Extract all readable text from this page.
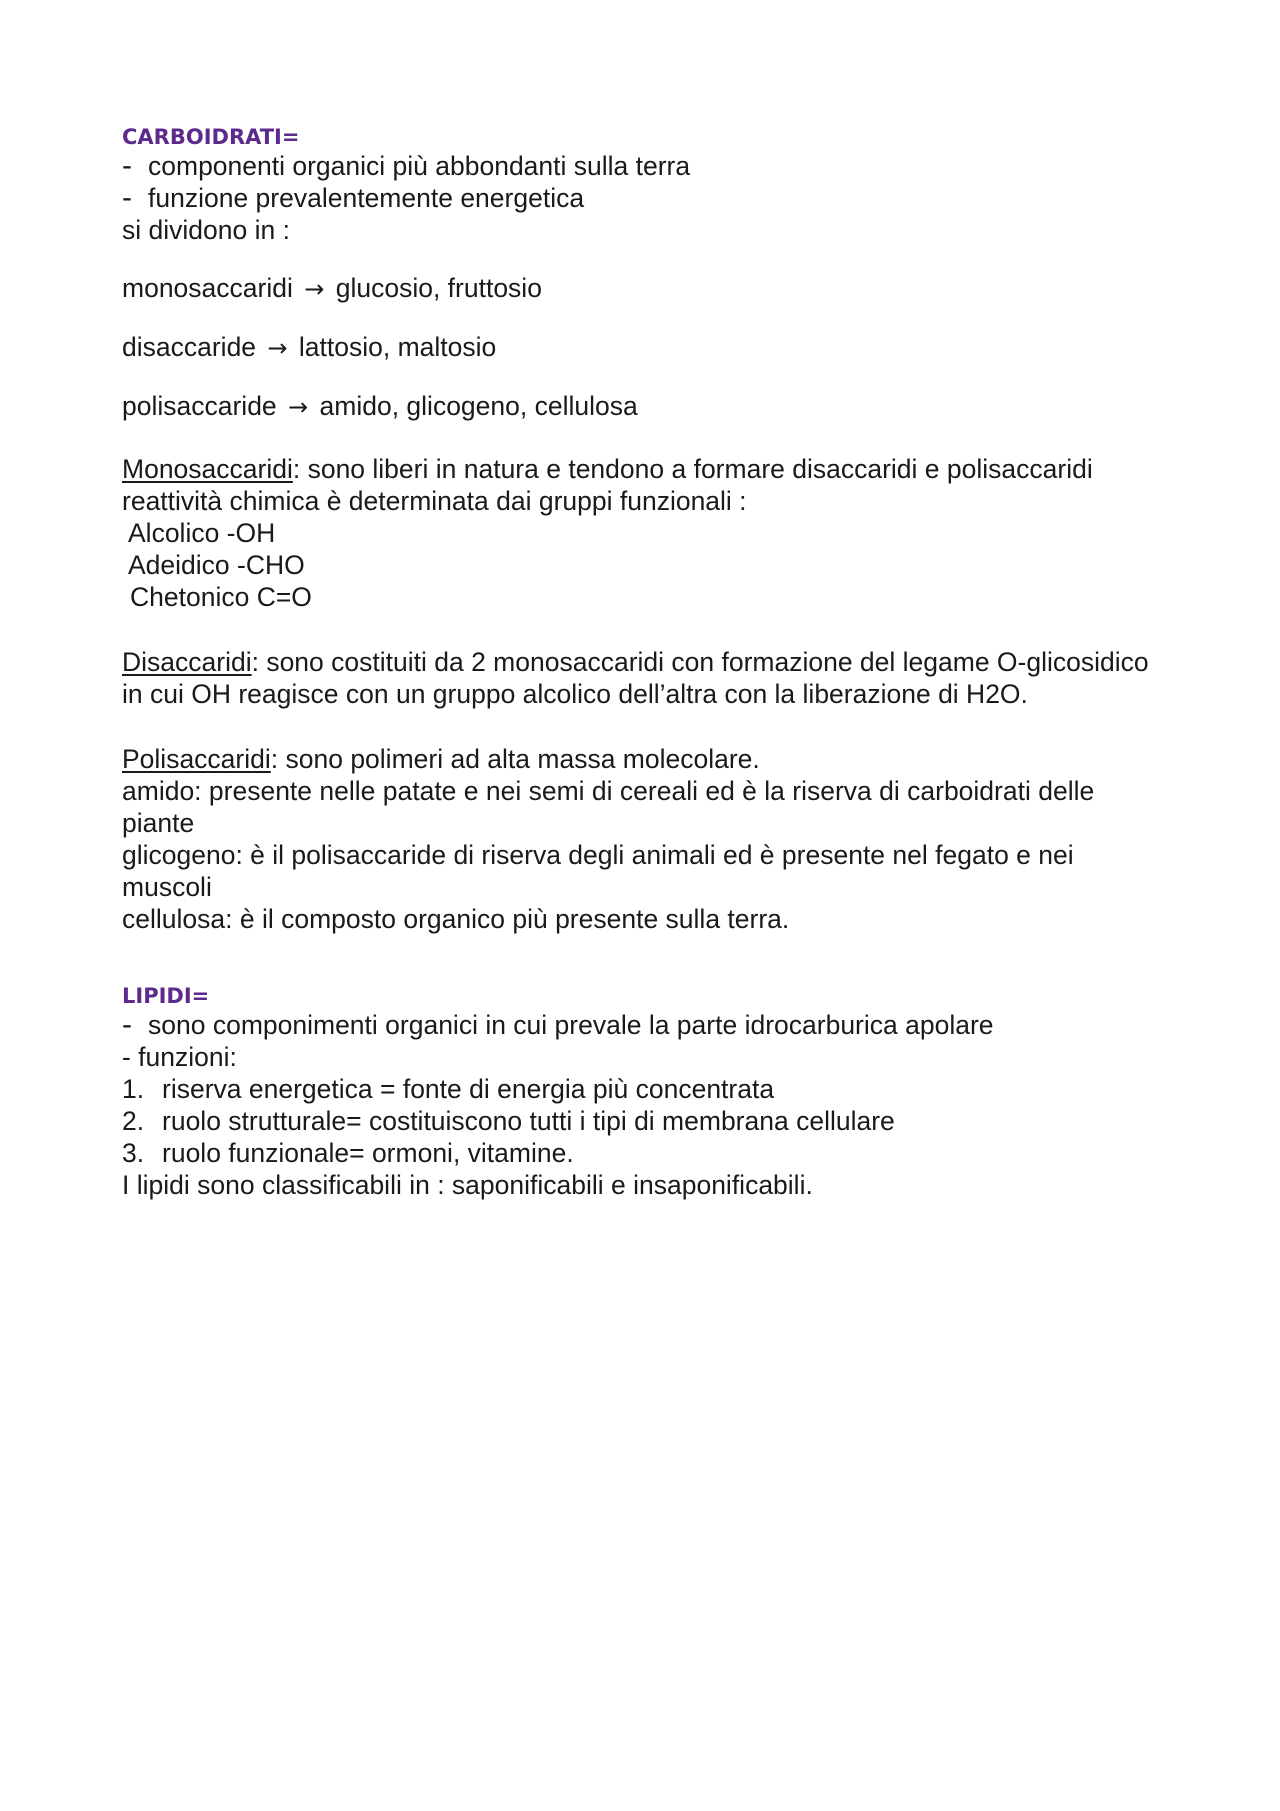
CARBOIDRATI=

- componenti organici più abbondanti sulla terra

- funzione prevalentemente energetica

si dividono in :

monosaccaridi → glucosio, fruttosio

disaccaride → lattosio, maltosio

polisaccaride → amido, glicogeno, cellulosa

Monosaccaridi: sono liberi in natura e tendono a formare disaccaridi e polisaccaridi

reattività chimica è determinata dai gruppi funzionali :

Alcolico -OH

Adeidico -CHO

Chetonico C=O

Disaccaridi: sono costituiti da 2 monosaccaridi con formazione del legame O-glicosidico in cui OH reagisce con un gruppo alcolico dell’altra con la liberazione di H2O.

Polisaccaridi: sono polimeri ad alta massa molecolare.

amido: presente nelle patate e nei semi di cereali ed è la riserva di carboidrati delle piante

glicogeno: è il polisaccaride di riserva degli animali ed è presente nel fegato e nei muscoli

cellulosa: è il composto organico più presente sulla terra.

LIPIDI=

- sono componimenti organici in cui prevale la parte idrocarburica apolare

- funzioni:

1. riserva energetica = fonte di energia più concentrata

2. ruolo strutturale= costituiscono tutti i tipi di membrana cellulare

3. ruolo funzionale= ormoni, vitamine.

I lipidi sono classificabili in : saponificabili e insaponificabili.
